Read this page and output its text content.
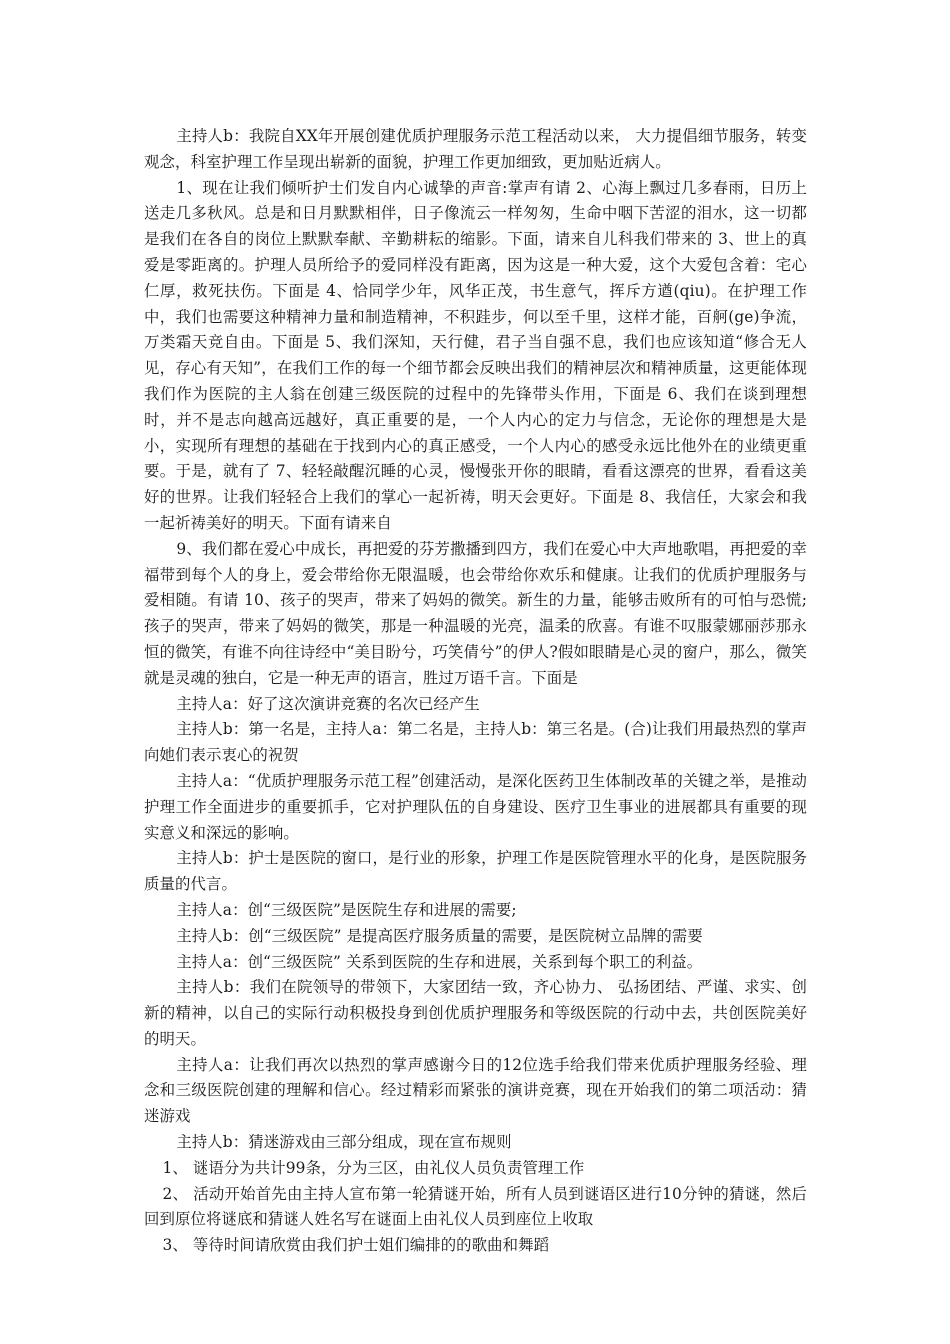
主持人b：我院自XX年开展创建优质护理服务示范工程活动以来， 大力提倡细节服务，转变观念，科室护理工作呈现出崭新的面貌，护理工作更加细致，更加贴近病人。

1、现在让我们倾听护士们发自内心诚挚的声音:掌声有请 2、心海上飘过几多春雨，日历上送走几多秋风。总是和日月默默相伴，日子像流云一样匆匆，生命中咽下苦涩的泪水，这一切都是我们在各自的岗位上默默奉献、辛勤耕耘的缩影。下面，请来自儿科我们带来的 3、世上的真爱是零距离的。护理人员所给予的爱同样没有距离，因为这是一种大爱，这个大爱包含着：宅心仁厚，救死扶伤。下面是 4、恰同学少年，风华正茂，书生意气，挥斥方遒(qiu)。在护理工作中，我们也需要这种精神力量和制造精神，不积跬步，何以至千里，这样才能，百舸(ge)争流，万类霜天竞自由。下面是 5、我们深知，天行健，君子当自强不息，我们也应该知道“修合无人见，存心有天知”，在我们工作的每一个细节都会反映出我们的精神层次和精神质量，这更能体现我们作为医院的主人翁在创建三级医院的过程中的先锋带头作用，下面是 6、我们在谈到理想时，并不是志向越高远越好，真正重要的是，一个人内心的定力与信念，无论你的理想是大是小，实现所有理想的基础在于找到内心的真正感受，一个人内心的感受永远比他外在的业绩更重要。于是，就有了 7、轻轻敲醒沉睡的心灵，慢慢张开你的眼睛，看看这漂亮的世界，看看这美好的世界。让我们轻轻合上我们的掌心一起祈祷，明天会更好。下面是 8、我信任，大家会和我一起祈祷美好的明天。下面有请来自

9、我们都在爱心中成长，再把爱的芬芳撒播到四方，我们在爱心中大声地歌唱，再把爱的幸福带到每个人的身上，爱会带给你无限温暖，也会带给你欢乐和健康。让我们的优质护理服务与爱相随。有请 10、孩子的哭声，带来了妈妈的微笑。新生的力量，能够击败所有的可怕与恐慌;孩子的哭声，带来了妈妈的微笑，那是一种温暖的光亮，温柔的欣喜。有谁不叹服蒙娜丽莎那永恒的微笑，有谁不向往诗经中“美目盼兮，巧笑倩兮”的伊人?假如眼睛是心灵的窗户，那么，微笑就是灵魂的独白，它是一种无声的语言，胜过万语千言。下面是

主持人a：好了这次演讲竞赛的名次已经产生

主持人b：第一名是，主持人a：第二名是，主持人b：第三名是。(合)让我们用最热烈的掌声向她们表示衷心的祝贺

主持人a：“优质护理服务示范工程”创建活动，是深化医药卫生体制改革的关键之举，是推动护理工作全面进步的重要抓手，它对护理队伍的自身建设、医疗卫生事业的进展都具有重要的现实意义和深远的影响。

主持人b：护士是医院的窗口，是行业的形象，护理工作是医院管理水平的化身，是医院服务质量的代言。

主持人a：创“三级医院”是医院生存和进展的需要;

主持人b：创“三级医院” 是提高医疗服务质量的需要，是医院树立品牌的需要

主持人a：创“三级医院” 关系到医院的生存和进展，关系到每个职工的利益。

主持人b：我们在院领导的带领下，大家团结一致，齐心协力、 弘扬团结、严谨、求实、创新的精神，以自己的实际行动积极投身到创优质护理服务和等级医院的行动中去，共创医院美好的明天。

主持人a：让我们再次以热烈的掌声感谢今日的12位选手给我们带来优质护理服务经验、理念和三级医院创建的理解和信心。经过精彩而紧张的演讲竞赛，现在开始我们的第二项活动：猜迷游戏

主持人b：猜迷游戏由三部分组成，现在宣布规则

1、 谜语分为共计99条，分为三区，由礼仪人员负责管理工作

2、 活动开始首先由主持人宣布第一轮猜谜开始，所有人员到谜语区进行10分钟的猜谜，然后回到原位将谜底和猜谜人姓名写在谜面上由礼仪人员到座位上收取

3、 等待时间请欣赏由我们护士姐们编排的的歌曲和舞蹈
